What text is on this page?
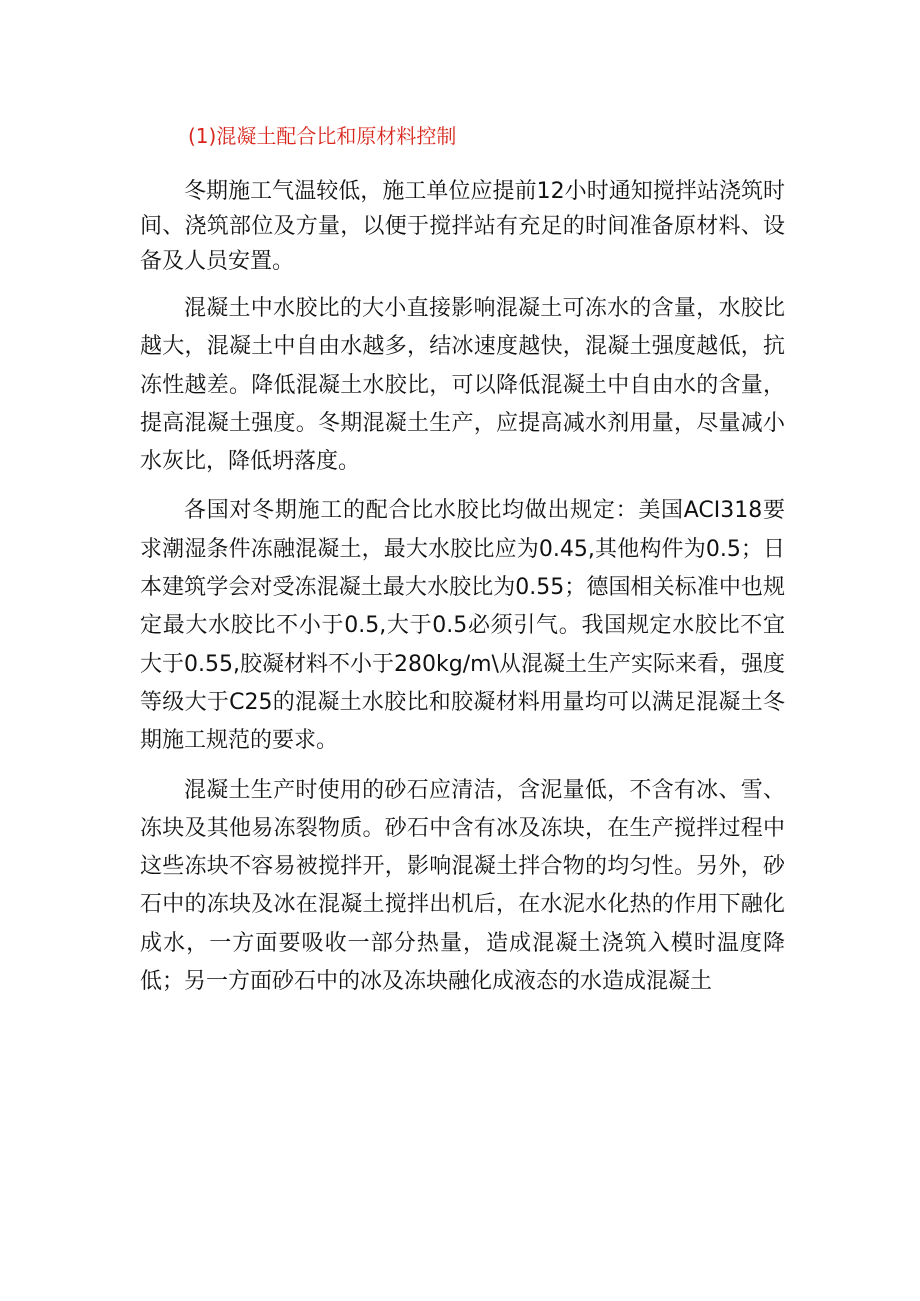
(1)混凝土配合比和原材料控制

冬期施工气温较低，施工单位应提前12小时通知搅拌站浇筑时间、浇筑部位及方量，以便于搅拌站有充足的时间准备原材料、设备及人员安置。

混凝土中水胶比的大小直接影响混凝土可冻水的含量，水胶比越大，混凝土中自由水越多，结冰速度越快，混凝土强度越低，抗冻性越差。降低混凝土水胶比，可以降低混凝土中自由水的含量，提高混凝土强度。冬期混凝土生产，应提高减水剂用量，尽量减小水灰比，降低坍落度。

各国对冬期施工的配合比水胶比均做出规定：美国ACI318要求潮湿条件冻融混凝土，最大水胶比应为0.45,其他构件为0.5；日本建筑学会对受冻混凝土最大水胶比为0.55；德国相关标准中也规定最大水胶比不小于0.5,大于0.5必须引气。我国规定水胶比不宜大于0.55,胶凝材料不小于280kg/m\从混凝土生产实际来看，强度等级大于C25的混凝土水胶比和胶凝材料用量均可以满足混凝土冬期施工规范的要求。

混凝土生产时使用的砂石应清洁，含泥量低，不含有冰、雪、冻块及其他易冻裂物质。砂石中含有冰及冻块，在生产搅拌过程中这些冻块不容易被搅拌开，影响混凝土拌合物的均匀性。另外，砂石中的冻块及冰在混凝土搅拌出机后，在水泥水化热的作用下融化成水，一方面要吸收一部分热量，造成混凝土浇筑入模时温度降低；另一方面砂石中的冰及冻块融化成液态的水造成混凝土
